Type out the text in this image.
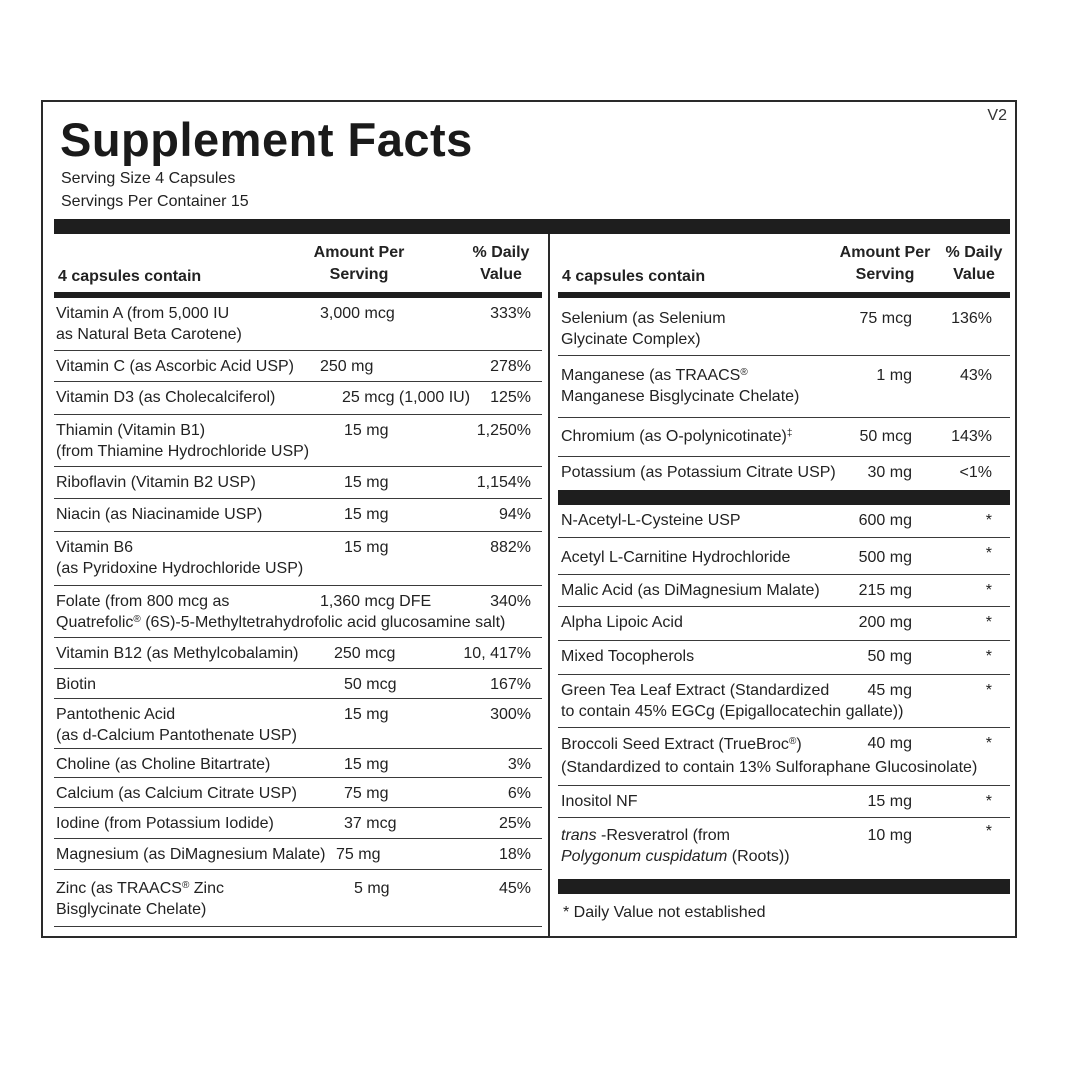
Supplement Facts	V2
Serving Size 4 Capsules
Servings Per Container 15
4 capsules contain
Amount Per
Serving
% Daily
Value
Vitamin A (from 5,000 IU
as Natural Beta Carotene)
3,000 mcg	333%
Vitamin C (as Ascorbic Acid USP) 250 mg	278%
Vitamin D3 (as Cholecalciferol)	25 mcg (1,000 IU) 125%
Thiamin (Vitamin B1)
(from Thiamine Hydrochloride USP)
15 mg	1,250%
Riboflavin (Vitamin B2 USP)	15 mg	1,154%
Niacin (as Niacinamide USP)	15 mg	94%
Vitamin B6
(as Pyridoxine Hydrochloride USP)
15 mg	882%
Folate (from 800 mcg as
Quatrefolic® (6S)-5-Methyltetrahydrofolic acid glucosamine salt)
1,360 mcg DFE	340%
Vitamin B12 (as Methylcobalamin) 250 mcg	10, 417%
Biotin	50 mcg	167%
Pantothenic Acid
(as d-Calcium Pantothenate USP)
15 mg	300%
Choline (as Choline Bitartrate)	15 mg	3%
Calcium (as Calcium Citrate USP)	75 mg	6%
Iodine (from Potassium Iodide)	37 mcg	25%
Magnesium (as DiMagnesium Malate) 75 mg	18%
Zinc (as TRAACS® Zinc
Bisglycinate Chelate)
5 mg	45%
4 capsules contain
Amount Per
Serving
% Daily
Value
Selenium (as Selenium
Glycinate Complex)
75 mcg 136%
Manganese (as TRAACS®
Manganese Bisglycinate Chelate)
1 mg	43%
Chromium (as O-polynicotinate)‡	50 mcg 143%
Potassium (as Potassium Citrate USP) 30 mg	<1%
N-Acetyl-L-Cysteine USP	600 mg	*
Acetyl L-Carnitine Hydrochloride	500 mg	*
Malic Acid (as DiMagnesium Malate) 215 mg	*
Alpha Lipoic Acid	200 mg	*
Mixed Tocopherols	50 mg	*
Green Tea Leaf Extract (Standardized
to contain 45% EGCg (Epigallocatechin gallate))
45 mg	*
Broccoli Seed Extract (TrueBroc®)
(Standardized to contain 13% Sulforaphane Glucosinolate)
40 mg	*
Inositol NF	15 mg	*
trans -Resveratrol (from
Polygonum cuspidatum (Roots))
10 mg	*
* Daily Value not established
